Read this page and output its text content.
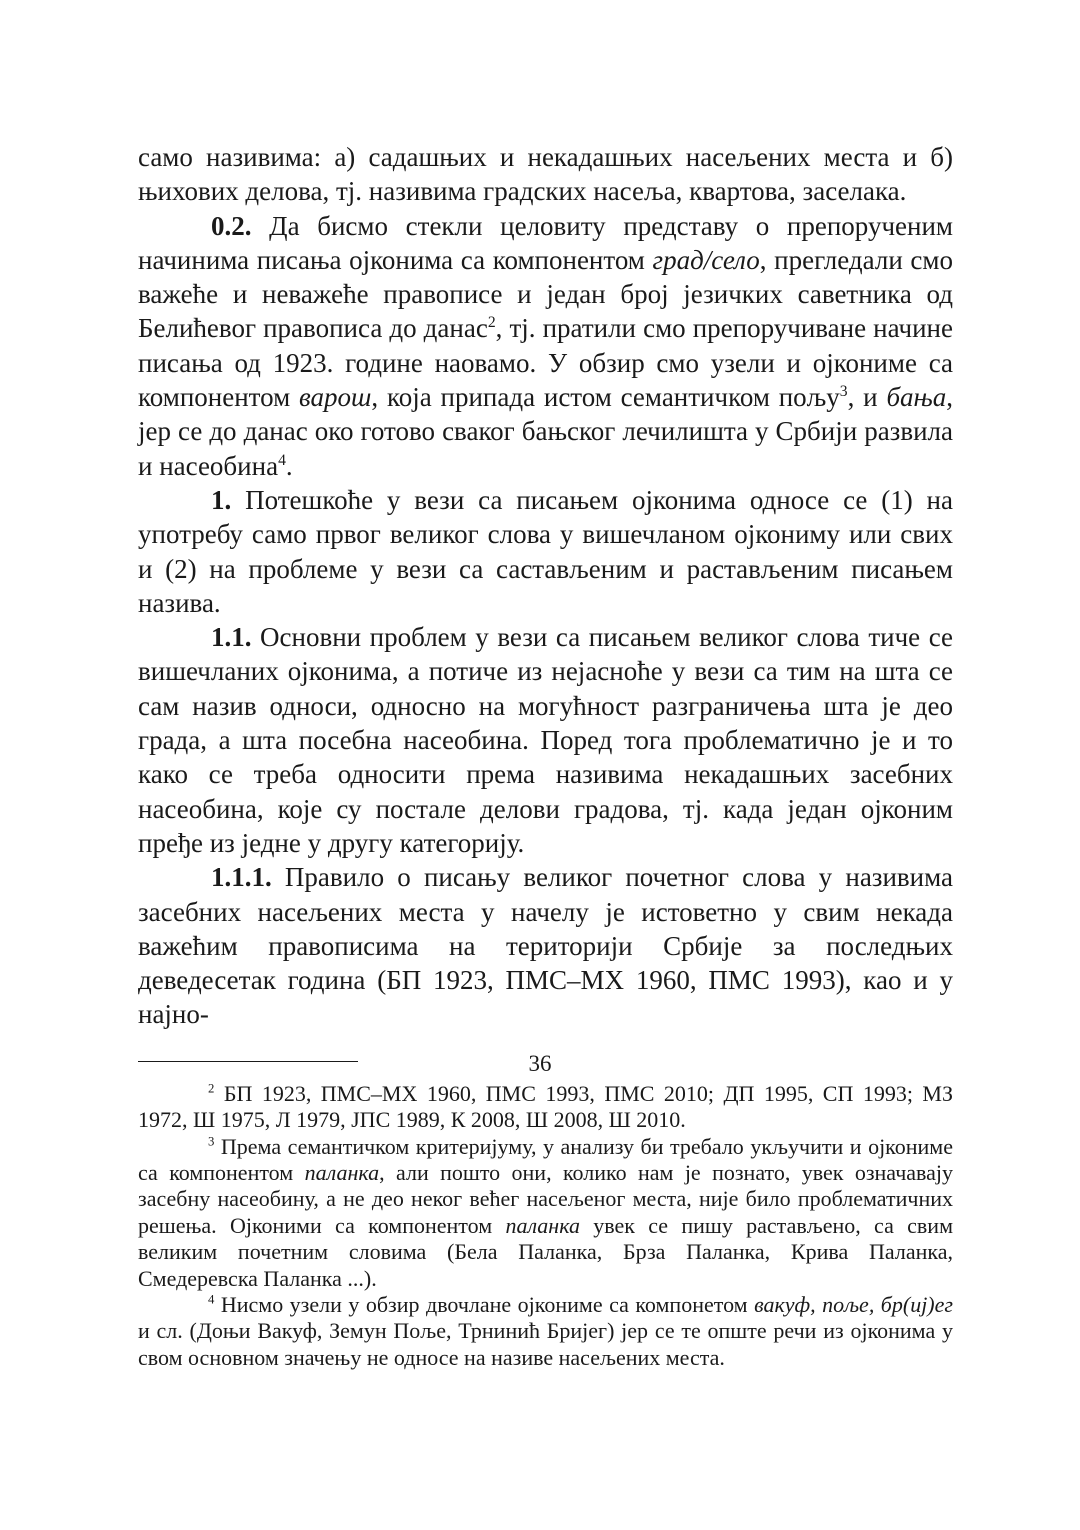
само називима: а) садашњих и некадашњих насељених места и б) њихових делова, тј. називима градских насеља, квартова, заселака.

0.2. Да бисмо стекли целовиту представу о препорученим начинима писања ојконима са компонентом град/село, прегледали смо важеће и неважеће правописе и један број језичких саветника од Белићевог правописа до данас$^2$, тј. пратили смо препоручиване начине писања од 1923. године наовамо. У обзир смо узели и ојкониме са компонентом варош, која припада истом семантичком пољу$^3$, и бања, јер се до данас око готово сваког бањског лечилишта у Србији развила и насеобина$^4$.

1. Потешкоће у вези са писањем ојконима односе се (1) на употребу само првог великог слова у вишечланом ојкониму или свих и (2) на проблеме у вези са састављеним и растављеним писањем назива.

1.1. Основни проблем у вези са писањем великог слова тиче се вишечланих ојконима, а потиче из нејасноће у вези са тим на шта се сам назив односи, односно на могућност разграничења шта је део града, а шта посебна насеобина. Поред тога проблематично је и то како се треба односити према називима некадашњих засебних насеобина, које су постале делови градова, тј. када један ојконим пређе из једне у другу категорију.

1.1.1. Правило о писању великог почетног слова у називима засебних насељених места у начелу је истоветно у свим некада важећим правописима на територији Србије за последњих деведесетак година (БП 1923, ПМС–МХ 1960, ПМС 1993), као и у најно-

$^2$ БП 1923, ПМС–МХ 1960, ПМС 1993, ПМС 2010; ДП 1995, СП 1993; МЗ 1972, Ш 1975, Л 1979, ЈПС 1989, К 2008, Ш 2008, Ш 2010.

$^3$ Према семантичком критеријуму, у анализу би требало укључити и ојкониме са компонентом паланка, али пошто они, колико нам је познато, увек означавају засебну насеобину, а не део неког већег насељеног места, није било проблематичних решења. Ојконими са компонентом паланка увек се пишу растављено, са свим великим почетним словима (Бела Паланка, Брза Паланка, Крива Паланка, Смедеревска Паланка ...).

$^4$ Нисмо узели у обзир двочлане ојкониме са компонетом вакуф, поље, бр(иј)ег и сл. (Доњи Вакуф, Земун Поље, Трнинић Бријег) јер се те опште речи из ојконима у свом основном значењу не односе на називе насељених места.

36
